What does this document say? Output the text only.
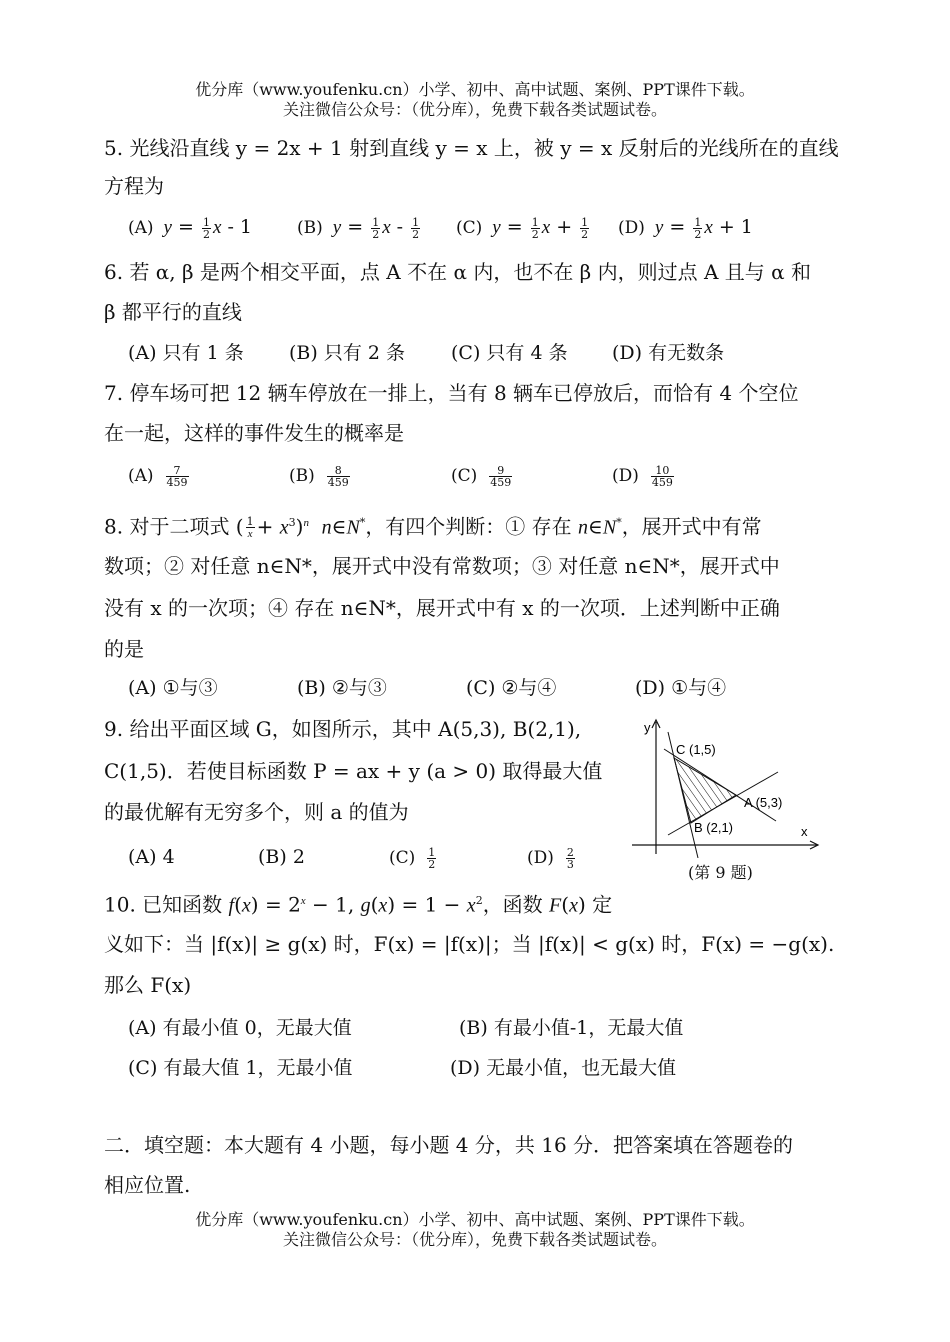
优分库（www.youfenku.cn）小学、初中、高中试题、案例、PPT课件下载。
关注微信公众号：（优分库），免费下载各类试题试卷。
5. 光线沿直线 y = 2x + 1 射到直线 y = x 上，被 y = x 反射后的光线所在的直线
方程为
(A) $y = \frac{1}{2}$ x - 1	(B) $y = \frac{1}{2}$ $x - \frac{1}{2} (C) y = \frac{1}{2}$ $x + \frac{1}{2} (D) y = \frac{1}{2}$ x + 1
6. 若 α, β 是两个相交平面，点 A 不在 α 内，也不在 β 内，则过点 A 且与 α 和
β 都平行的直线
(A) 只有 1 条 (B) 只有 2 条 (C) 只有 4 条 (D) 有无数条
7. 停车场可把 12 辆车停放在一排上，当有 8 辆车已停放后，而恰有 4 个空位
在一起，这样的事件发生的概率是
$(A) \frac{7}{459}$	$(B) \frac{8}{459}$	$(C) \frac{9}{459}$	$(D) \frac{10}{459}$
8. 对于二项式 ( $\frac{1}{x} + x^3)^n$ n∈N*，有四个判断：① 存在 n∈N*，展开式中有常
数项；② 对任意 n∈N*，展开式中没有常数项；③ 对任意 n∈N*，展开式中
没有 x 的一次项；④ 存在 n∈N*，展开式中有 x 的一次项．上述判断中正确
的是
(A) ①与③	(B) ②与③	(C) ②与④	(D) ①与④
9. 给出平面区域 G，如图所示，其中 A(5,3), B(2,1),
C(1,5)．若使目标函数 P = ax + y (a > 0) 取得最大值
的最优解有无穷多个，则 a 的值为
(A) 4	(B) 2	$(C) \frac{1}{2}$	$(D) \frac{2}{3}$
y
x
C (1,5)
A (5,3)
B (2,1)
(第 9 题)
10. 已知函数 $f(x) = 2^x - 1$, $g(x) = 1 - x^2$，函数 F(x) 定
义如下：当 |f(x)| ≥ g(x) 时，F(x) = |f(x)|；当 |f(x)| < g(x) 时，F(x) = −g(x).
那么 F(x)
(A) 有最小值 0，无最大值	(B) 有最小值-1，无最大值
(C) 有最大值 1，无最小值	(D) 无最小值，也无最大值
二．填空题：本大题有 4 小题，每小题 4 分，共 16 分．把答案填在答题卷的
相应位置.
优分库（www.youfenku.cn）小学、初中、高中试题、案例、PPT课件下载。
关注微信公众号：（优分库），免费下载各类试题试卷。
